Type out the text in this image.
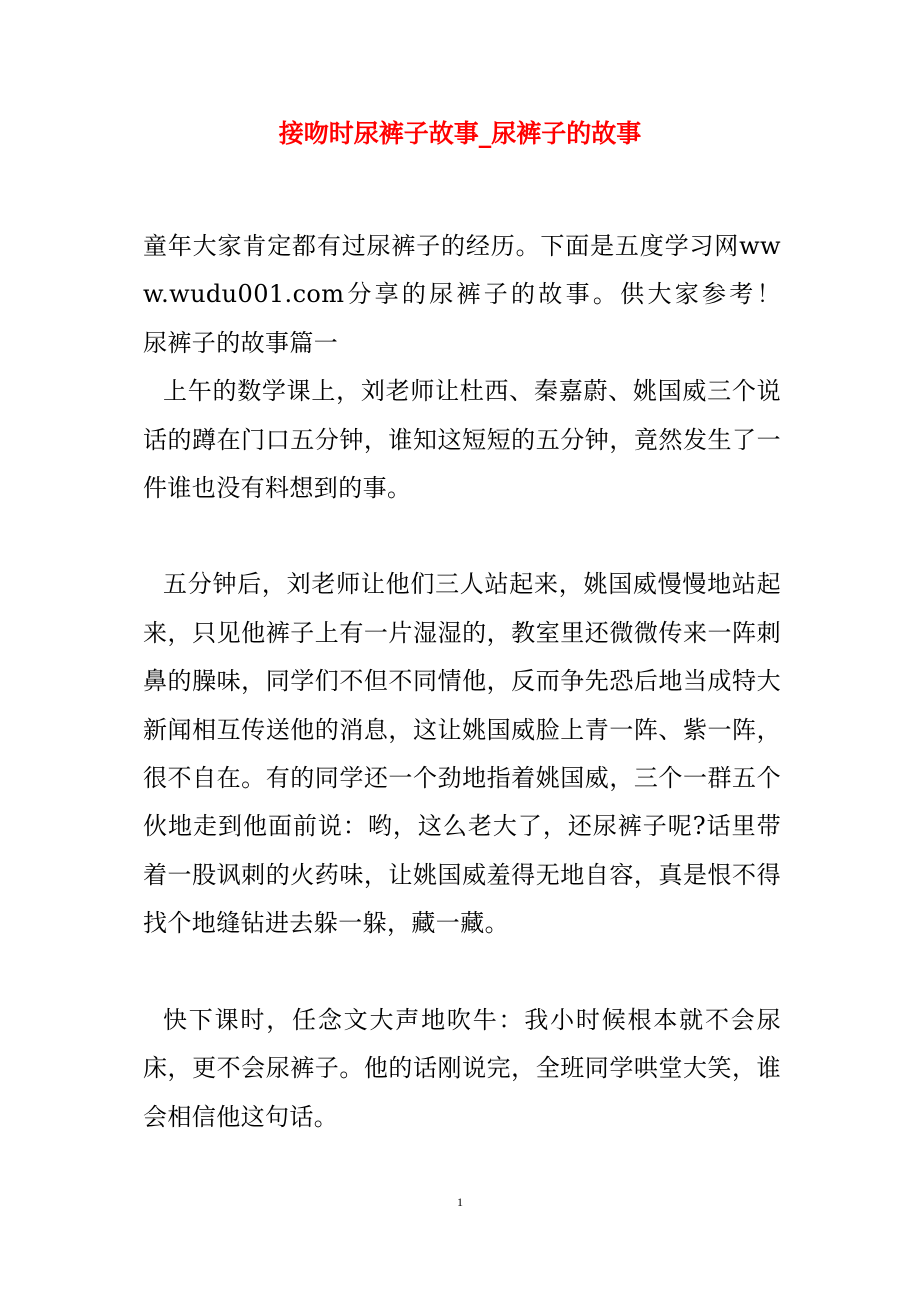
接吻时尿裤子故事_尿裤子的故事

童年大家肯定都有过尿裤子的经历。下面是五度学习网www.wudu001.com分享的尿裤子的故事。供大家参考！　尿裤子的故事篇一

上午的数学课上，刘老师让杜西、秦嘉蔚、姚国威三个说话的蹲在门口五分钟，谁知这短短的五分钟，竟然发生了一件谁也没有料想到的事。

五分钟后，刘老师让他们三人站起来，姚国威慢慢地站起来，只见他裤子上有一片湿湿的，教室里还微微传来一阵刺鼻的臊味，同学们不但不同情他，反而争先恐后地当成特大新闻相互传送他的消息，这让姚国威脸上青一阵、紫一阵，很不自在。有的同学还一个劲地指着姚国威，三个一群五个伙地走到他面前说：哟，这么老大了，还尿裤子呢?话里带着一股讽刺的火药味，让姚国威羞得无地自容，真是恨不得找个地缝钻进去躲一躲，藏一藏。

快下课时，任念文大声地吹牛：我小时候根本就不会尿床，更不会尿裤子。他的话刚说完，全班同学哄堂大笑，谁会相信他这句话。

1
